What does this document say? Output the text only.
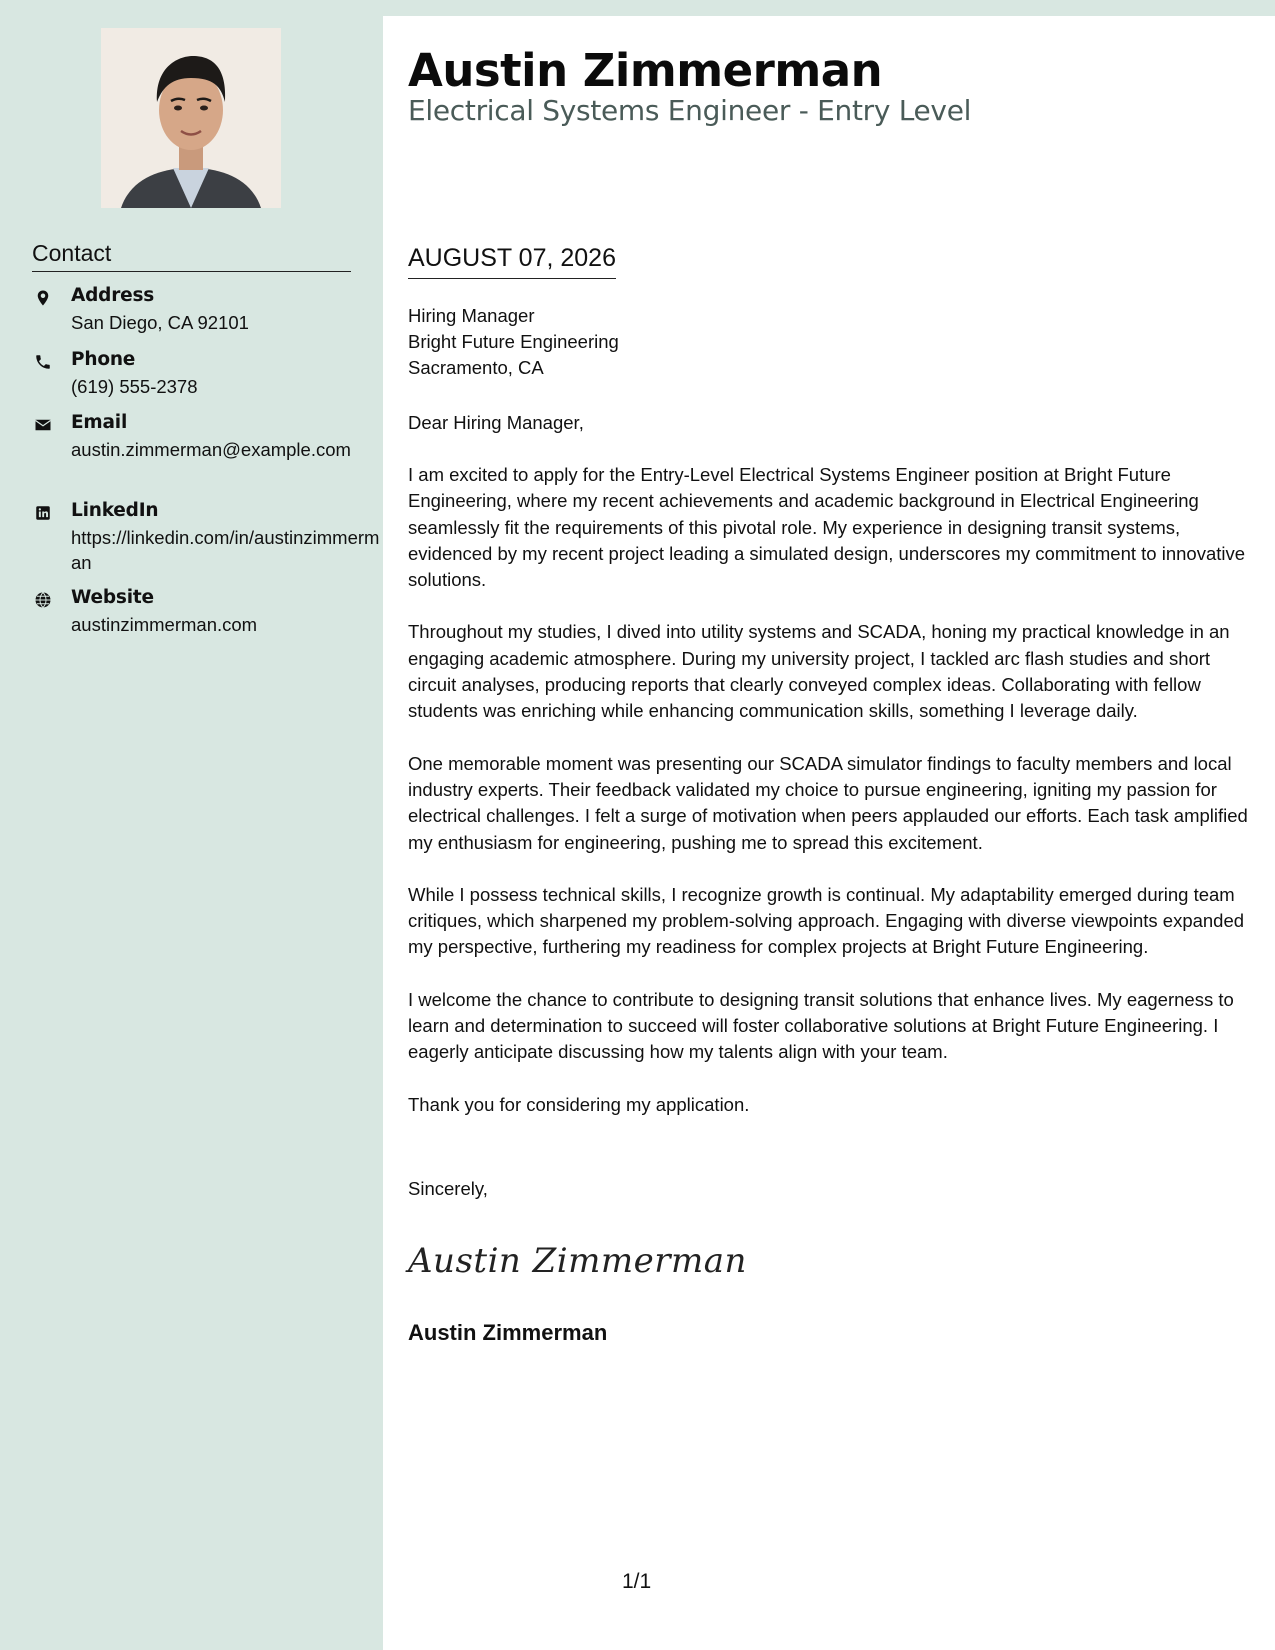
Contact
Address
San Diego, CA 92101
Phone
(619) 555-2378
Email
austin.zimmerman@example.com
LinkedIn
https://linkedin.com/in/austinzimmerman
Website
austinzimmerman.com
Austin Zimmerman
Electrical Systems Engineer - Entry Level
AUGUST 07, 2026
Hiring Manager
Bright Future Engineering
Sacramento, CA
Dear Hiring Manager,

I am excited to apply for the Entry-Level Electrical Systems Engineer position at Bright Future Engineering, where my recent achievements and academic background in Electrical Engineering seamlessly fit the requirements of this pivotal role. My experience in designing transit systems, evidenced by my recent project leading a simulated design, underscores my commitment to innovative solutions.

Throughout my studies, I dived into utility systems and SCADA, honing my practical knowledge in an engaging academic atmosphere. During my university project, I tackled arc flash studies and short circuit analyses, producing reports that clearly conveyed complex ideas. Collaborating with fellow students was enriching while enhancing communication skills, something I leverage daily.

One memorable moment was presenting our SCADA simulator findings to faculty members and local industry experts. Their feedback validated my choice to pursue engineering, igniting my passion for electrical challenges. I felt a surge of motivation when peers applauded our efforts. Each task amplified my enthusiasm for engineering, pushing me to spread this excitement.

While I possess technical skills, I recognize growth is continual. My adaptability emerged during team critiques, which sharpened my problem-solving approach. Engaging with diverse viewpoints expanded my perspective, furthering my readiness for complex projects at Bright Future Engineering.

I welcome the chance to contribute to designing transit solutions that enhance lives. My eagerness to learn and determination to succeed will foster collaborative solutions at Bright Future Engineering. I eagerly anticipate discussing how my talents align with your team.

Thank you for considering my application.

Sincerely,
Austin Zimmerman
Austin Zimmerman
1/1
